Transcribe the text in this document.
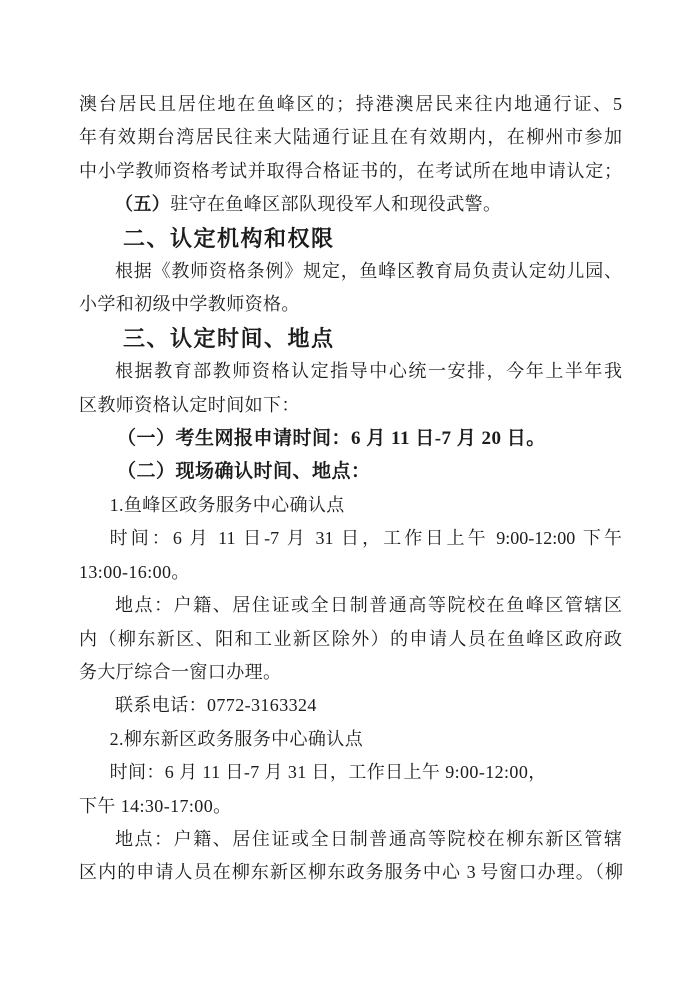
澳台居民且居住地在鱼峰区的；持港澳居民来往内地通行证、5
年有效期台湾居民往来大陆通行证且在有效期内，在柳州市参加
中小学教师资格考试并取得合格证书的，在考试所在地申请认定；
（五）驻守在鱼峰区部队现役军人和现役武警。
二、认定机构和权限
根据《教师资格条例》规定，鱼峰区教育局负责认定幼儿园、
小学和初级中学教师资格。
三、认定时间、地点
根据教育部教师资格认定指导中心统一安排，今年上半年我
区教师资格认定时间如下：
（一）考生网报申请时间：6 月 11 日-7 月 20 日。
（二）现场确认时间、地点：
1.鱼峰区政务服务中心确认点
时间：6 月 11 日-7 月 31 日，工作日上午 9:00-12:00 下午
13:00-16:00。
地点：户籍、居住证或全日制普通高等院校在鱼峰区管辖区
内（柳东新区、阳和工业新区除外）的申请人员在鱼峰区政府政
务大厅综合一窗口办理。
联系电话：0772-3163324
2.柳东新区政务服务中心确认点
时间：6 月 11 日-7 月 31 日，工作日上午 9:00-12:00，
下午 14:30-17:00。
地点：户籍、居住证或全日制普通高等院校在柳东新区管辖
区内的申请人员在柳东新区柳东政务服务中心 3 号窗口办理。（柳
